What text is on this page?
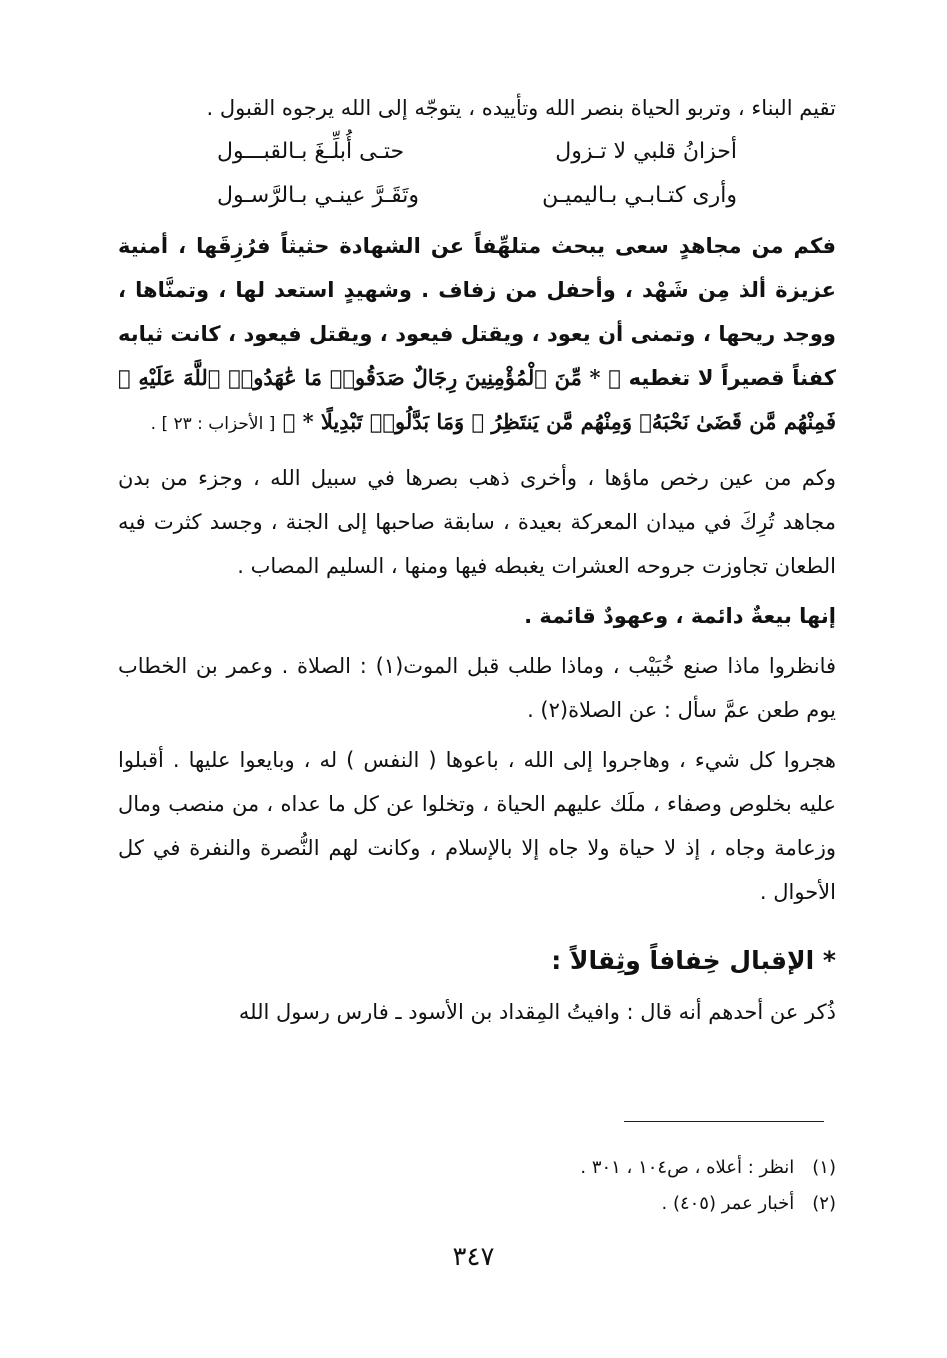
تقيم البناء ، وتربو الحياة بنصر الله وتأييده ، يتوجّه إلى الله يرجوه القبول .

أحزانُ قلبي لا تـزول
حتـى أُبلِّـغَ بـالقبـــول
وأرى كتـابـي بـاليميـن
وتَقَـرَّ عينـي بـالرَّسـول

فكم من مجاهدٍ سعى يبحث متلهِّفاً عن الشهادة حثيثاً فرُزِقَها ، أمنية عزيزة ألذ مِن شَهْد ، وأحفل من زفاف . وشهيدٍ استعد لها ، وتمنَّاها ، ووجد ريحها ، وتمنى أن يعود ، ويقتل فيعود ، ويقتل فيعود ، كانت ثيابه كفناً قصيراً لا تغطيه ﴿ * مِّنَ ٱلْمُؤْمِنِينَ رِجَالٌ صَدَقُوا۟ مَا عَٰهَدُوا۟ ٱللَّهَ عَلَيْهِ ۖ فَمِنْهُم مَّن قَضَىٰ نَحْبَهُۥ وَمِنْهُم مَّن يَنتَظِرُ ۖ وَمَا بَدَّلُوا۟ تَبْدِيلًا * ﴾ [ الأحزاب : ٢٣ ] .

وكم من عين رخص ماؤها ، وأخرى ذهب بصرها في سبيل الله ، وجزء من بدن مجاهد تُرِكَ في ميدان المعركة بعيدة ، سابقة صاحبها إلى الجنة ، وجسد كثرت فيه الطعان تجاوزت جروحه العشرات يغبطه فيها ومنها ، السليم المصاب .

إنها بيعةٌ دائمة ، وعهودٌ قائمة .

فانظروا ماذا صنع خُبَيْب ، وماذا طلب قبل الموت(١) : الصلاة . وعمر بن الخطاب يوم طعن عمَّ سأل : عن الصلاة(٢) .

هجروا كل شيء ، وهاجروا إلى الله ، باعوها ( النفس ) له ، وبايعوا عليها . أقبلوا عليه بخلوص وصفاء ، ملَك عليهم الحياة ، وتخلوا عن كل ما عداه ، من منصب ومال وزعامة وجاه ، إذ لا حياة ولا جاه إلا بالإسلام ، وكانت لهم النُّصرة والنفرة في كل الأحوال .

* الإقبال خِفافاً وثِقالاً :

ذُكر عن أحدهم أنه قال : وافيتُ المِقداد بن الأسود ـ فارس رسول الله

(١)
انظر : أعلاه ، ص١٠٤ ، ٣٠١ .
(٢)
أخبار عمر (٤٠٥) .
٣٤٧
